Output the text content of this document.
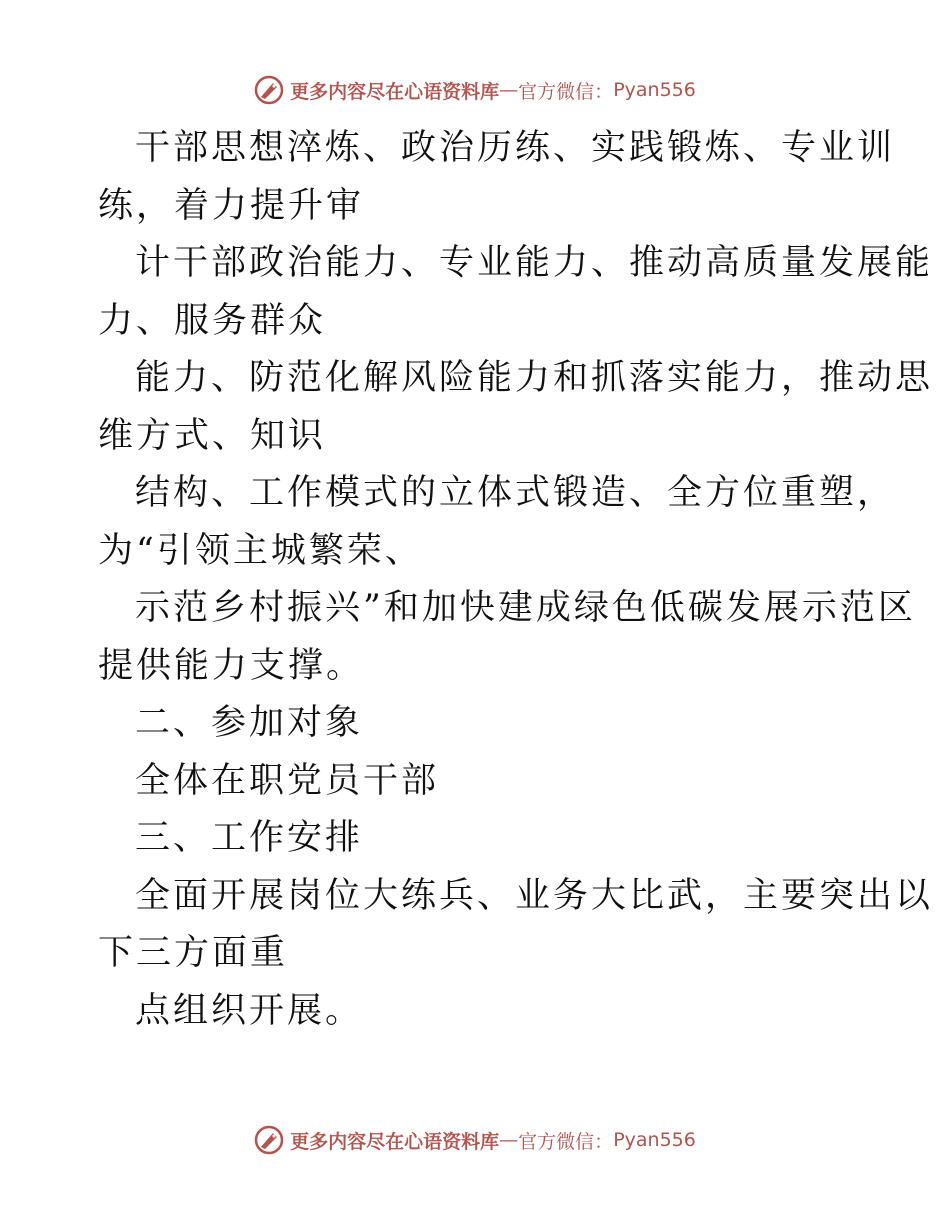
更多内容尽在心语资料库 — 官方微信： Pyan556
干部思想淬炼、政治历练、实践锻炼、专业训
练，着力提升审
计干部政治能力、专业能力、推动高质量发展能
力、服务群众
能力、防范化解风险能力和抓落实能力，推动思
维方式、知识
结构、工作模式的立体式锻造、全方位重塑，
为“引领主城繁荣、
示范乡村振兴”和加快建成绿色低碳发展示范区
提供能力支撑。
二、参加对象
全体在职党员干部
三、工作安排
全面开展岗位大练兵、业务大比武，主要突出以
下三方面重
点组织开展。
更多内容尽在心语资料库 — 官方微信： Pyan556
